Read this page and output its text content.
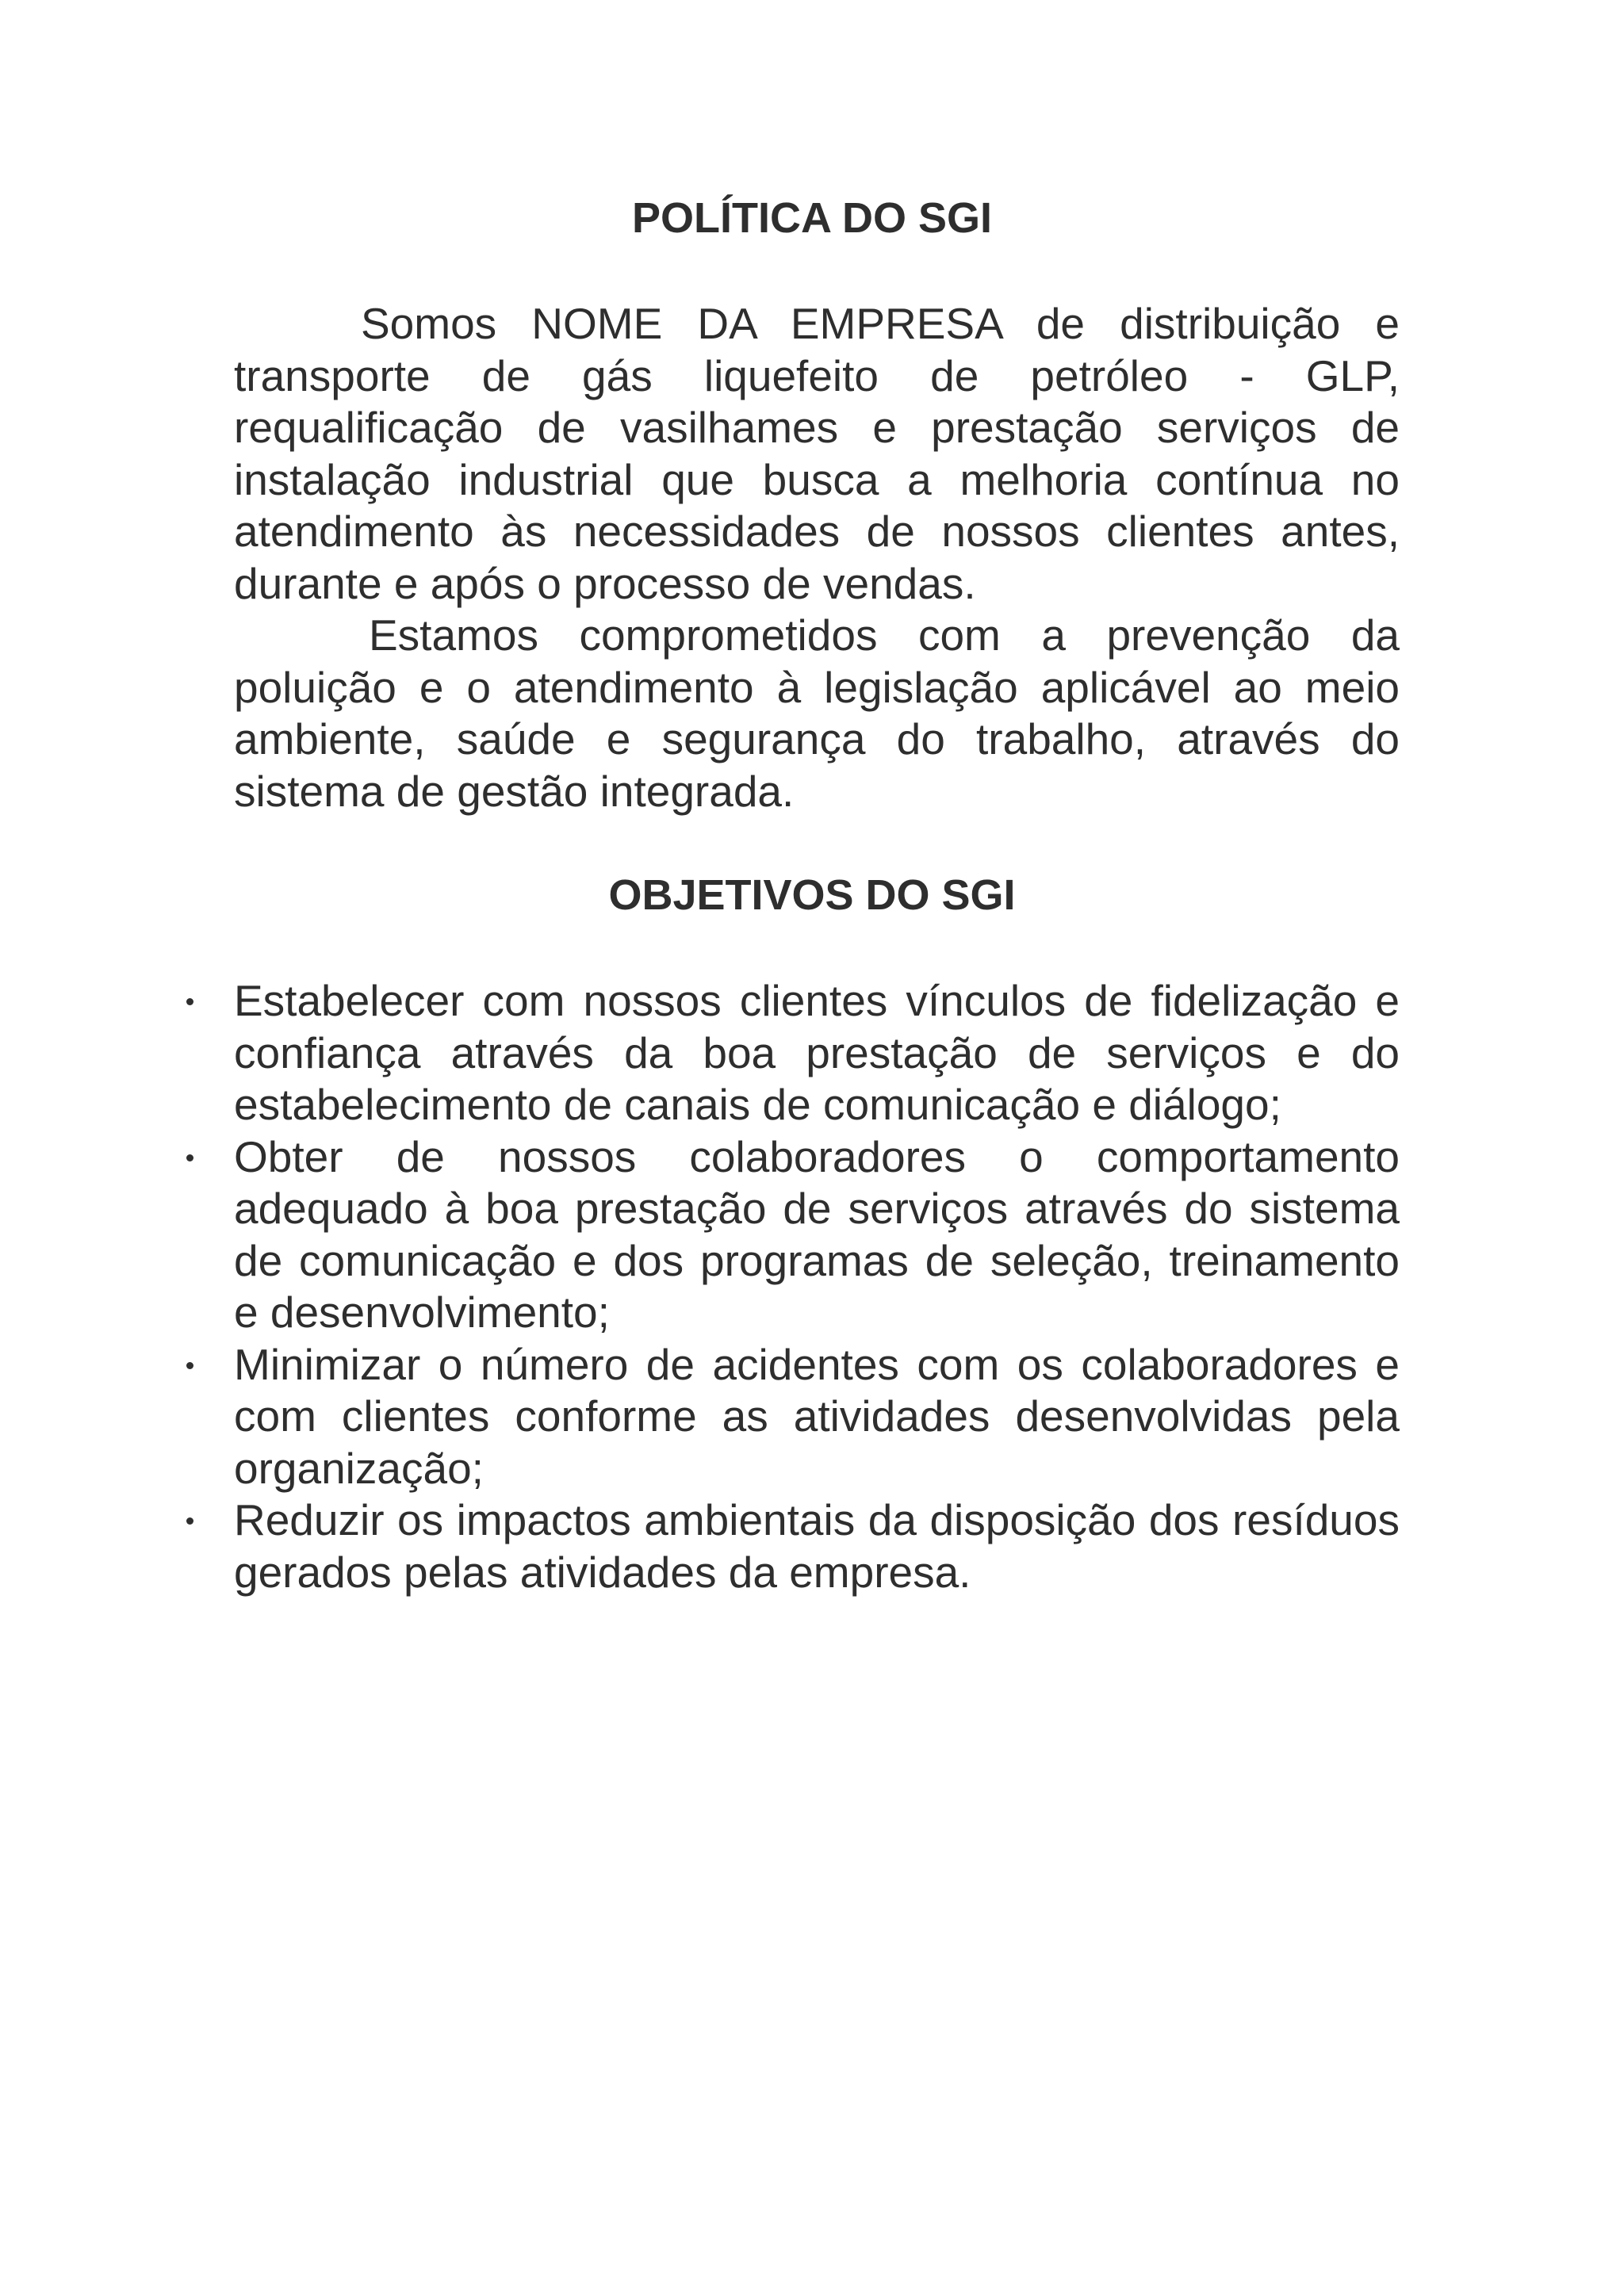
POLÍTICA DO SGI

Somos NOME DA EMPRESA de distribuição e transporte de gás liquefeito de petróleo - GLP, requalificação de vasilhames e prestação serviços de instalação industrial que busca a melhoria contínua no atendimento às necessidades de nossos clientes antes, durante e após o processo de vendas.

Estamos comprometidos com a prevenção da poluição e o atendimento à legislação aplicável ao meio ambiente, saúde e segurança do trabalho, através do sistema de gestão integrada.

OBJETIVOS DO SGI
Estabelecer com nossos clientes vínculos de fidelização e confiança através da boa prestação de serviços e do estabelecimento de canais de comunicação e diálogo;
Obter de nossos colaboradores o comportamento adequado à boa prestação de serviços através do sistema de comunicação e dos programas de seleção, treinamento e desenvolvimento;
Minimizar o número de acidentes com os colaboradores e com clientes conforme as atividades desenvolvidas pela organização;
Reduzir os impactos ambientais da disposição dos resíduos gerados pelas atividades da empresa.
